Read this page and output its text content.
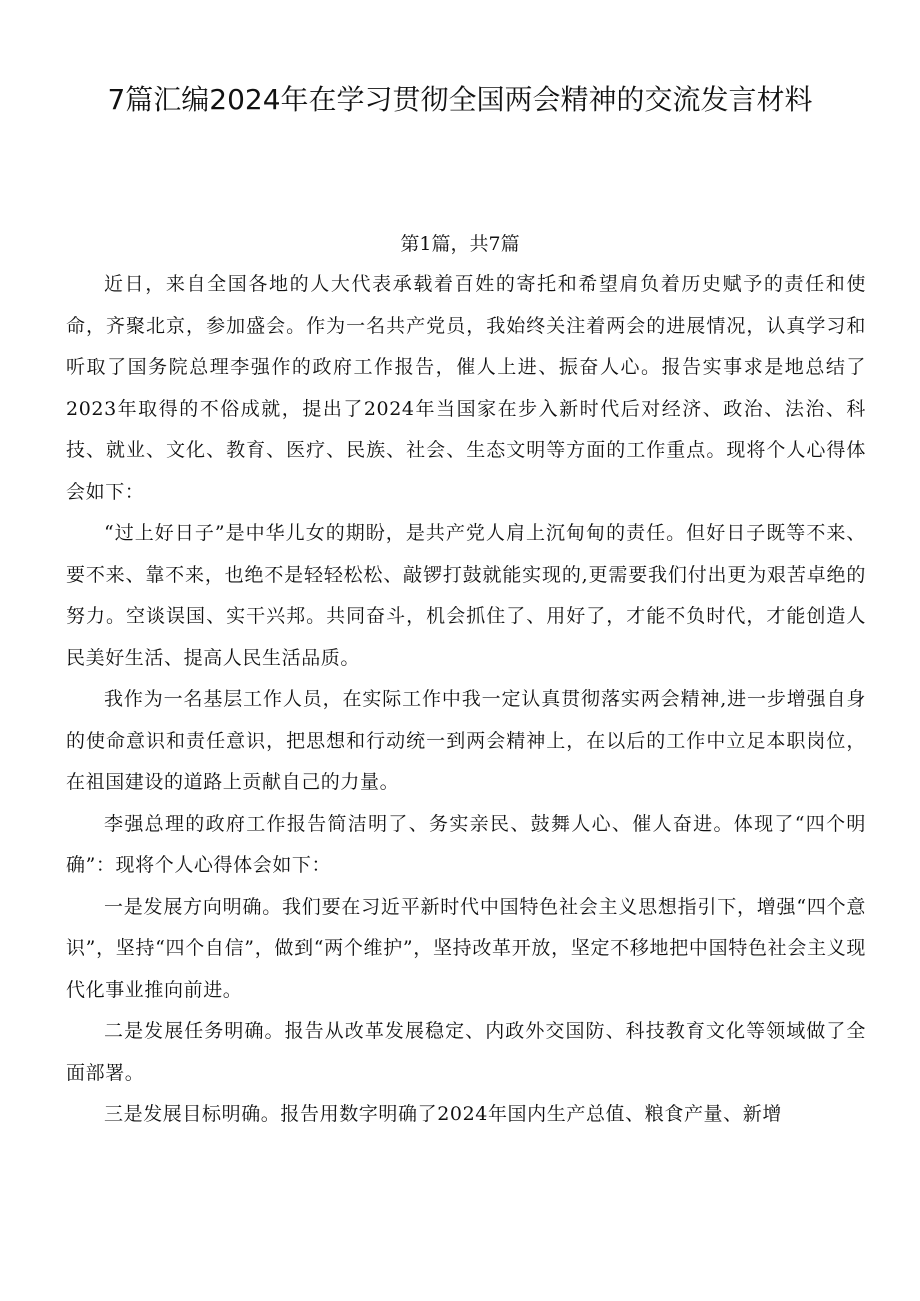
7篇汇编2024年在学习贯彻全国两会精神的交流发言材料
第1篇，共7篇

近日，来自全国各地的人大代表承载着百姓的寄托和希望肩负着历史赋予的责任和使命，齐聚北京，参加盛会。作为一名共产党员，我始终关注着两会的进展情况，认真学习和听取了国务院总理李强作的政府工作报告，催人上进、振奋人心。报告实事求是地总结了2023年取得的不俗成就，提出了2024年当国家在步入新时代后对经济、政治、法治、科技、就业、文化、教育、医疗、民族、社会、生态文明等方面的工作重点。现将个人心得体会如下：

“过上好日子”是中华儿女的期盼，是共产党人肩上沉甸甸的责任。但好日子既等不来、要不来、靠不来，也绝不是轻轻松松、敲锣打鼓就能实现的,更需要我们付出更为艰苦卓绝的努力。空谈误国、实干兴邦。共同奋斗，机会抓住了、用好了，才能不负时代，才能创造人民美好生活、提高人民生活品质。

我作为一名基层工作人员，在实际工作中我一定认真贯彻落实两会精神,进一步增强自身的使命意识和责任意识，把思想和行动统一到两会精神上，在以后的工作中立足本职岗位，在祖国建设的道路上贡献自己的力量。

李强总理的政府工作报告简洁明了、务实亲民、鼓舞人心、催人奋进。体现了“四个明确”：现将个人心得体会如下：

一是发展方向明确。我们要在习近平新时代中国特色社会主义思想指引下，增强“四个意识”，坚持“四个自信”，做到“两个维护”，坚持改革开放，坚定不移地把中国特色社会主义现代化事业推向前进。

二是发展任务明确。报告从改革发展稳定、内政外交国防、科技教育文化等领域做了全面部署。

三是发展目标明确。报告用数字明确了2024年国内生产总值、粮食产量、新增
